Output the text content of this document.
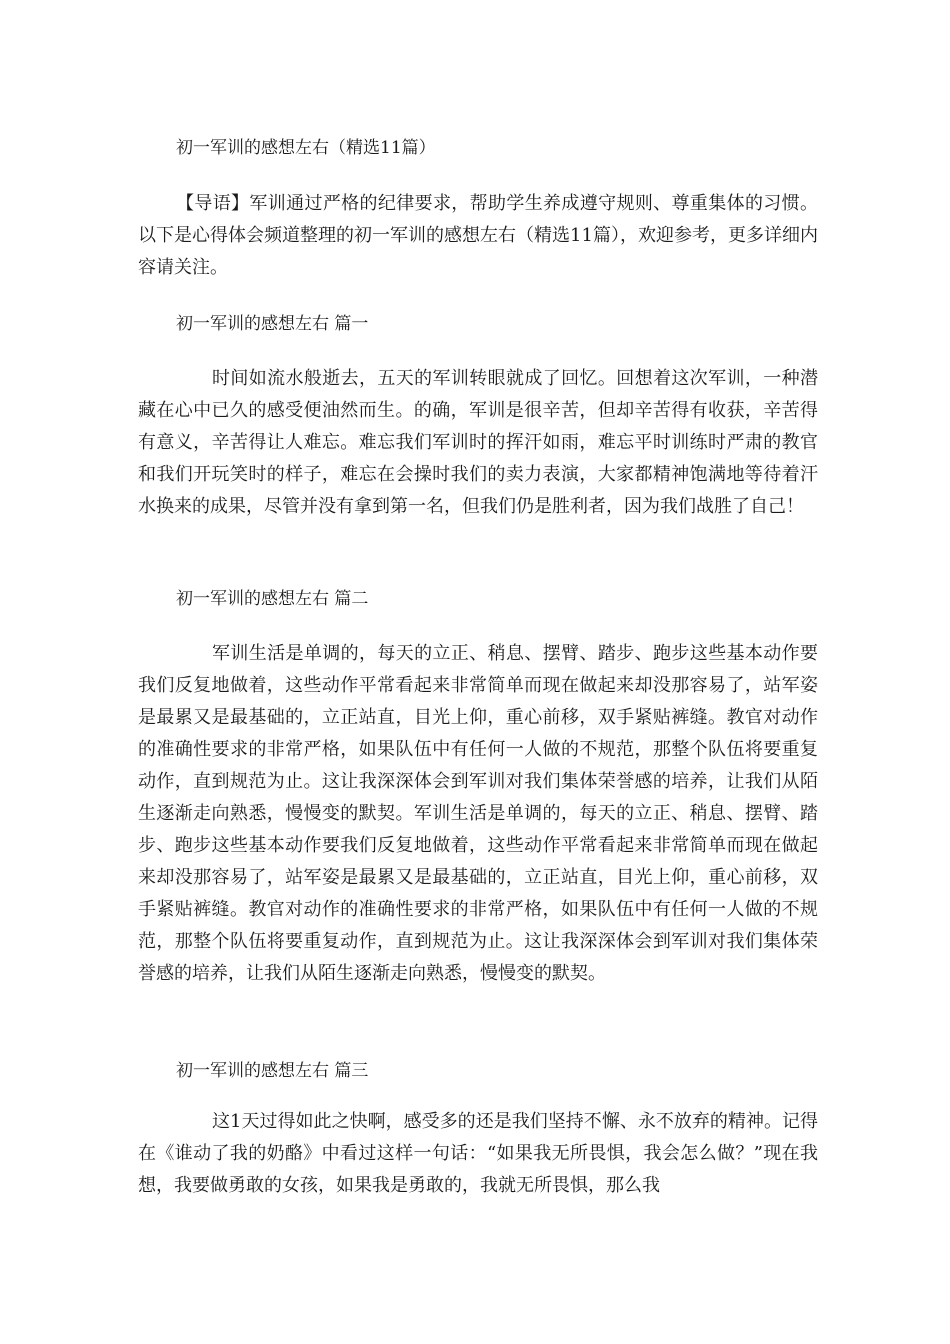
初一军训的感想左右（精选11篇）

【导语】军训通过严格的纪律要求，帮助学生养成遵守规则、尊重集体的习惯。以下是心得体会频道整理的初一军训的感想左右（精选11篇），欢迎参考，更多详细内容请关注。

初一军训的感想左右 篇一

时间如流水般逝去，五天的军训转眼就成了回忆。回想着这次军训，一种潜藏在心中已久的感受便油然而生。的确，军训是很辛苦，但却辛苦得有收获，辛苦得有意义，辛苦得让人难忘。难忘我们军训时的挥汗如雨，难忘平时训练时严肃的教官和我们开玩笑时的样子，难忘在会操时我们的卖力表演，大家都精神饱满地等待着汗水换来的成果，尽管并没有拿到第一名，但我们仍是胜利者，因为我们战胜了自己！

初一军训的感想左右 篇二

军训生活是单调的，每天的立正、稍息、摆臂、踏步、跑步这些基本动作要我们反复地做着，这些动作平常看起来非常简单而现在做起来却没那容易了，站军姿是最累又是最基础的，立正站直，目光上仰，重心前移，双手紧贴裤缝。教官对动作的准确性要求的非常严格，如果队伍中有任何一人做的不规范，那整个队伍将要重复动作，直到规范为止。这让我深深体会到军训对我们集体荣誉感的培养，让我们从陌生逐渐走向熟悉，慢慢变的默契。军训生活是单调的，每天的立正、稍息、摆臂、踏步、跑步这些基本动作要我们反复地做着，这些动作平常看起来非常简单而现在做起来却没那容易了，站军姿是最累又是最基础的，立正站直，目光上仰，重心前移，双手紧贴裤缝。教官对动作的准确性要求的非常严格，如果队伍中有任何一人做的不规范，那整个队伍将要重复动作，直到规范为止。这让我深深体会到军训对我们集体荣誉感的培养，让我们从陌生逐渐走向熟悉，慢慢变的默契。

初一军训的感想左右 篇三

这1天过得如此之快啊，感受多的还是我们坚持不懈、永不放弃的精神。记得在《谁动了我的奶酪》中看过这样一句话：“如果我无所畏惧，我会怎么做？”现在我想，我要做勇敢的女孩，如果我是勇敢的，我就无所畏惧，那么我
